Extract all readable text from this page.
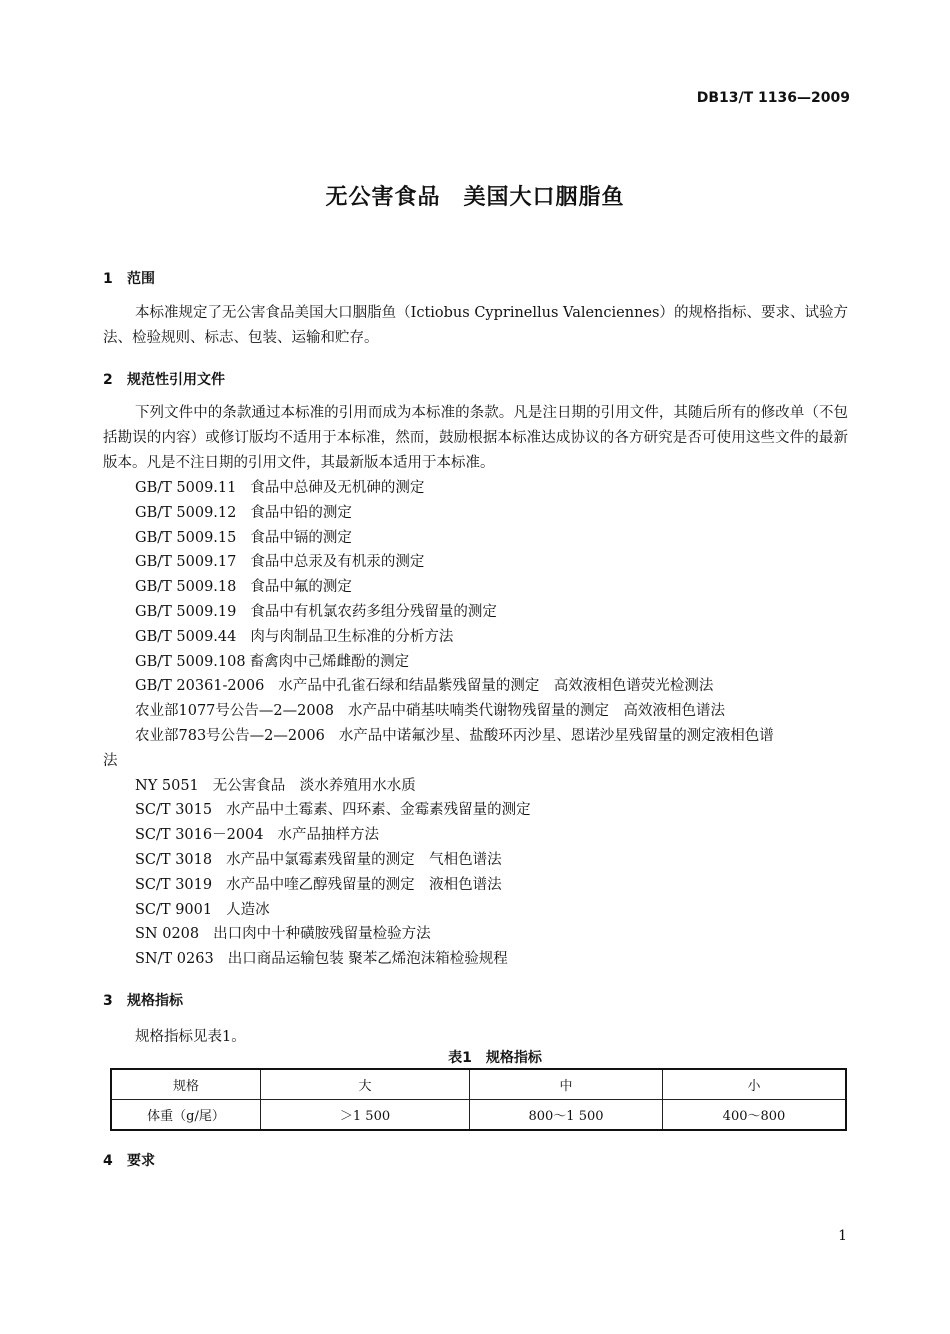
DB13/T 1136—2009
无公害食品　美国大口胭脂鱼
1 范围

本标准规定了无公害食品美国大口胭脂鱼（Ictiobus Cyprinellus Valenciennes）的规格指标、要求、试验方法、检验规则、标志、包装、运输和贮存。

2 规范性引用文件

下列文件中的条款通过本标准的引用而成为本标准的条款。凡是注日期的引用文件，其随后所有的修改单（不包括勘误的内容）或修订版均不适用于本标准，然而，鼓励根据本标准达成协议的各方研究是否可使用这些文件的最新版本。凡是不注日期的引用文件，其最新版本适用于本标准。

GB/T 5009.11 食品中总砷及无机砷的测定
GB/T 5009.12 食品中铅的测定
GB/T 5009.15 食品中镉的测定
GB/T 5009.17 食品中总汞及有机汞的测定
GB/T 5009.18 食品中氟的测定
GB/T 5009.19 食品中有机氯农药多组分残留量的测定
GB/T 5009.44 肉与肉制品卫生标准的分析方法
GB/T 5009.108 畜禽肉中己烯雌酚的测定
GB/T 20361-2006 水产品中孔雀石绿和结晶紫残留量的测定　高效液相色谱荧光检测法
农业部1077号公告—2—2008 水产品中硝基呋喃类代谢物残留量的测定　高效液相色谱法
农业部783号公告—2—2006 水产品中诺氟沙星、盐酸环丙沙星、恩诺沙星残留量的测定液相色谱
法
NY 5051 无公害食品　淡水养殖用水水质
SC/T 3015 水产品中土霉素、四环素、金霉素残留量的测定
SC/T 3016－2004 水产品抽样方法
SC/T 3018 水产品中氯霉素残留量的测定　气相色谱法
SC/T 3019 水产品中喹乙醇残留量的测定　液相色谱法
SC/T 9001 人造冰
SN 0208 出口肉中十种磺胺残留量检验方法
SN/T 0263 出口商品运输包装 聚苯乙烯泡沫箱检验规程
3 规格指标
规格指标见表1。
表1　规格指标
规格	大	中	小
体重（g/尾）	＞1 500	800～1 500	400～800
4 要求
1
